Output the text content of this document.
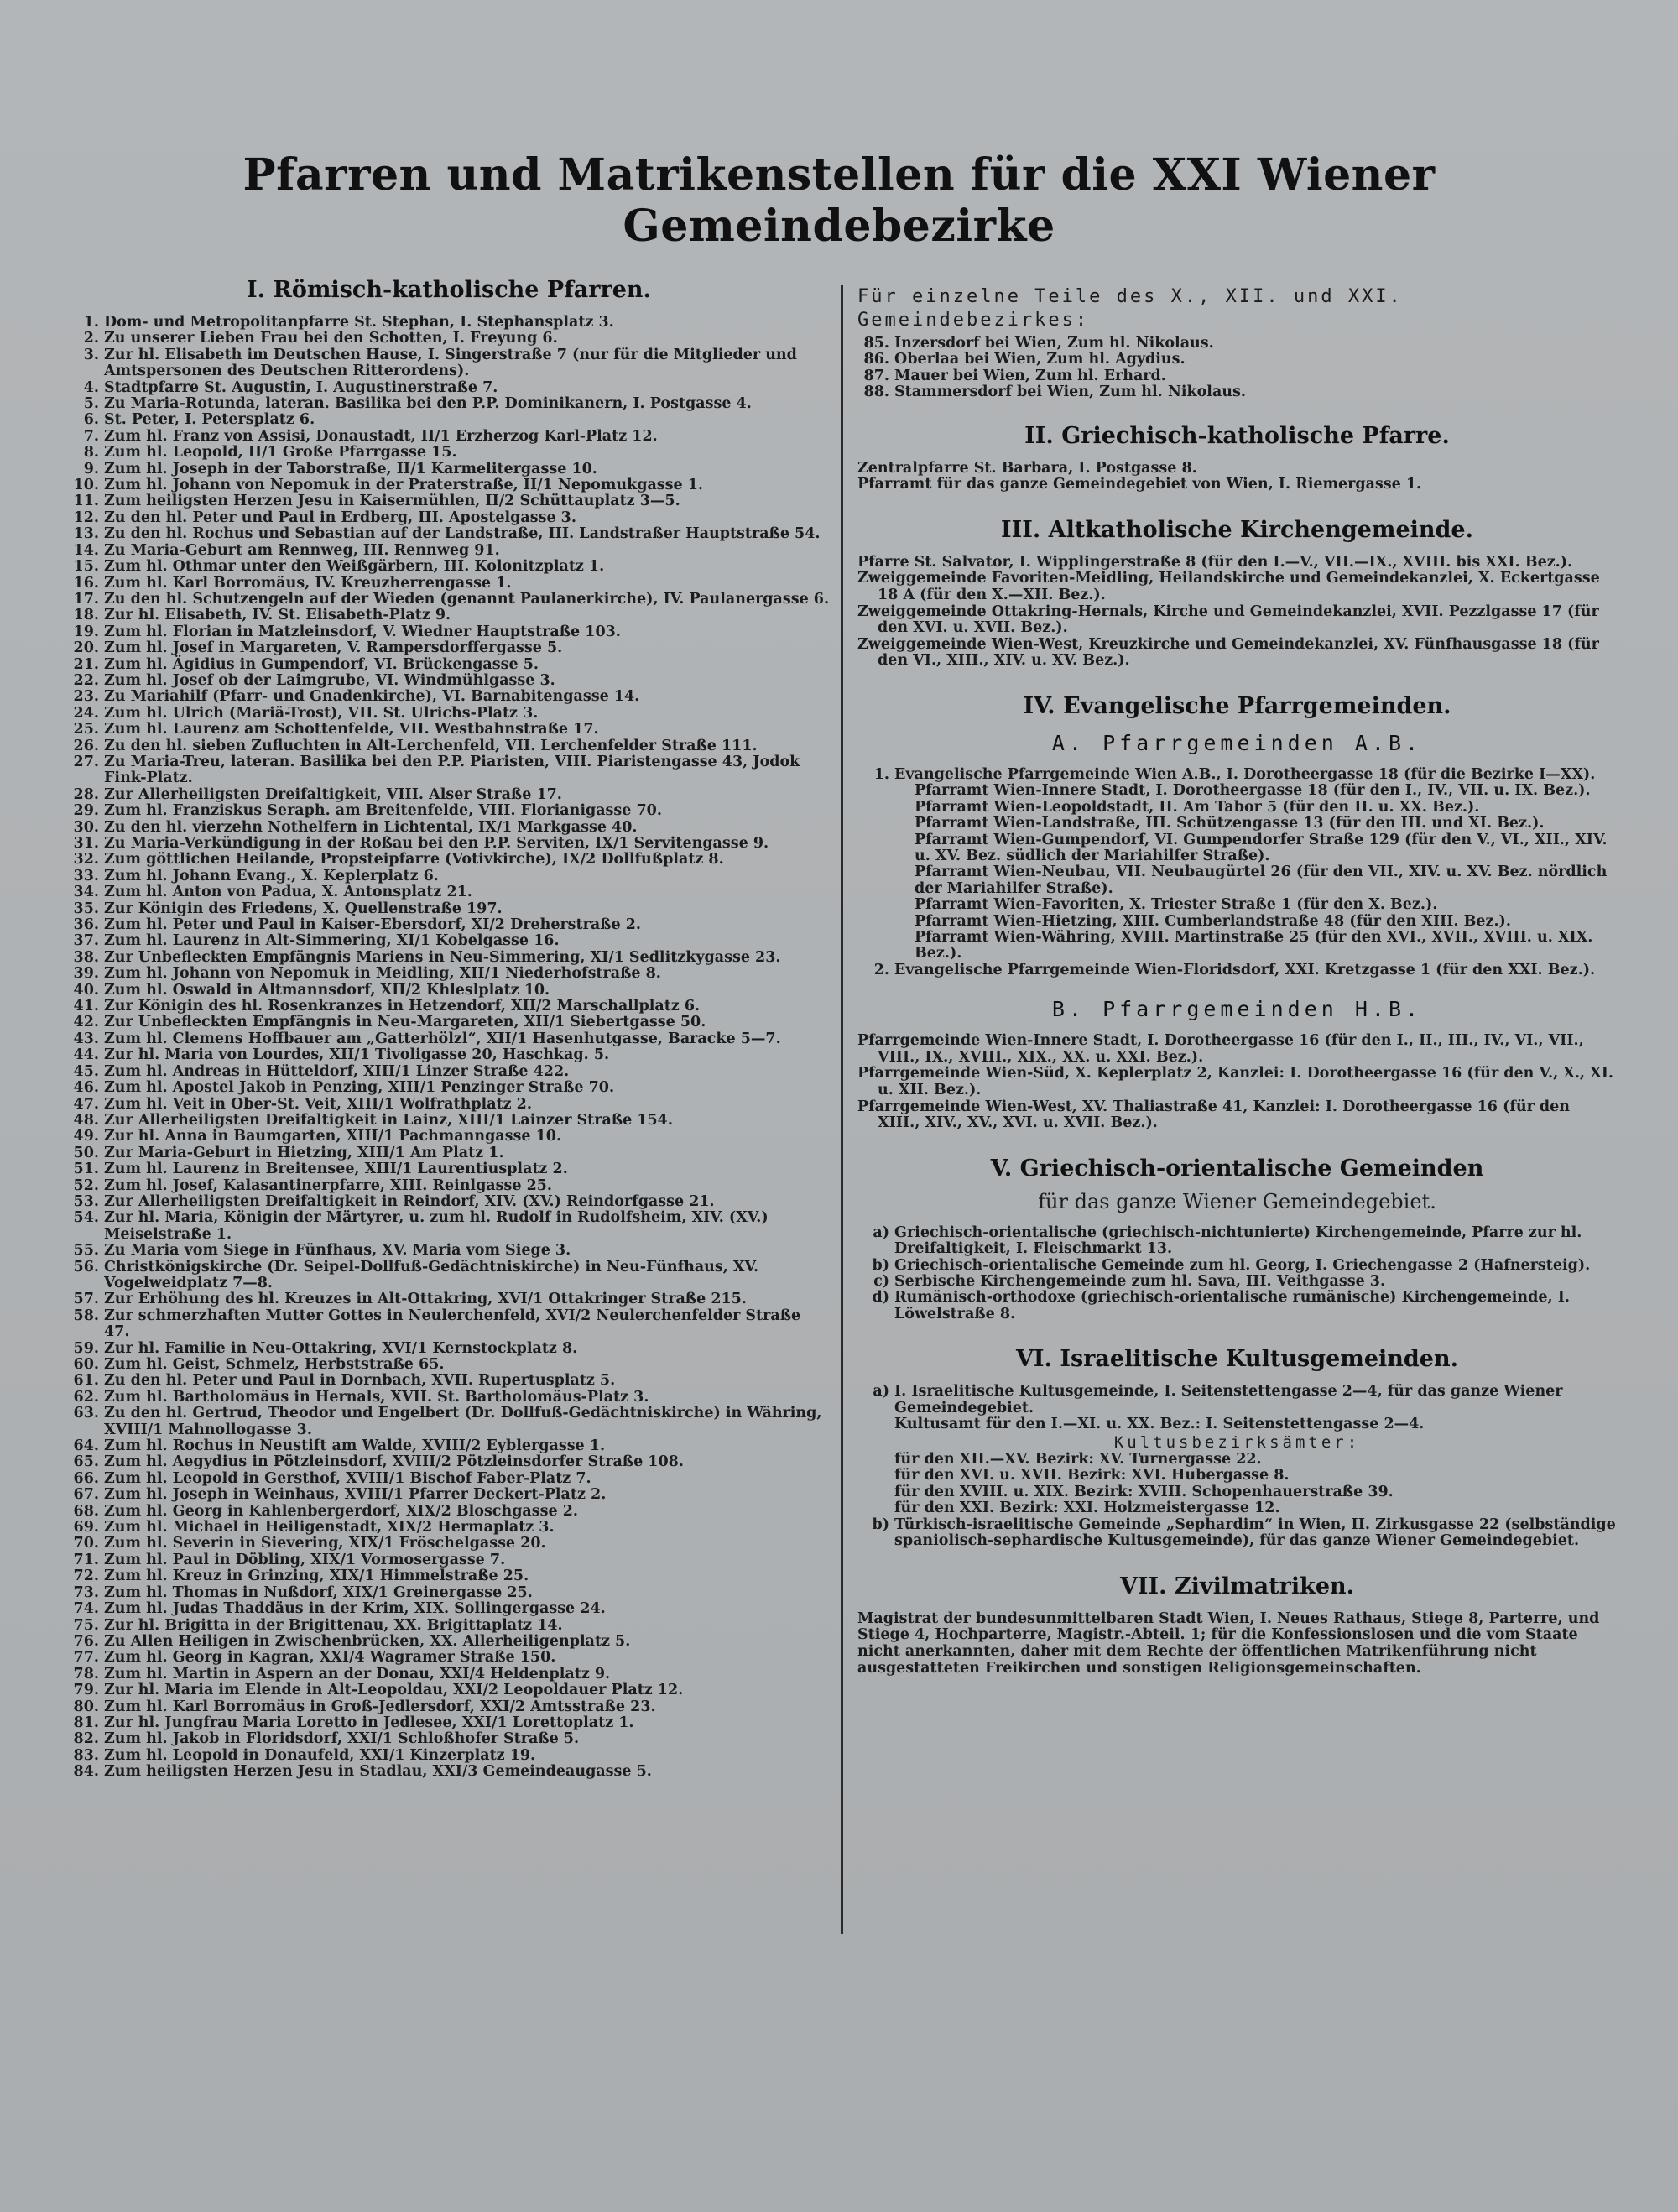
Pfarren und Matrikenstellen für die XXI Wiener Gemeindebezirke
I. Römisch-katholische Pfarren.
1. Dom- und Metropolitanpfarre St. Stephan, I. Stephansplatz 3.
2. Zu unserer Lieben Frau bei den Schotten, I. Freyung 6.
3. Zur hl. Elisabeth im Deutschen Hause, I. Singerstraße 7 (nur für die Mitglieder und Amtspersonen des Deutschen Ritterordens).
4. Stadtpfarre St. Augustin, I. Augustinerstraße 7.
5. Zu Maria-Rotunda, lateran. Basilika bei den P.P. Dominikanern, I. Postgasse 4.
6. St. Peter, I. Petersplatz 6.
7. Zum hl. Franz von Assisi, Donaustadt, II/1 Erzherzog Karl-Platz 12.
8. Zum hl. Leopold, II/1 Große Pfarrgasse 15.
9. Zum hl. Joseph in der Taborstraße, II/1 Karmelitergasse 10.
10. Zum hl. Johann von Nepomuk in der Praterstraße, II/1 Nepomukgasse 1.
11. Zum heiligsten Herzen Jesu in Kaisermühlen, II/2 Schüttauplatz 3—5.
12. Zu den hl. Peter und Paul in Erdberg, III. Apostelgasse 3.
13. Zu den hl. Rochus und Sebastian auf der Landstraße, III. Landstraßer Hauptstraße 54.
14. Zu Maria-Geburt am Rennweg, III. Rennweg 91.
15. Zum hl. Othmar unter den Weißgärbern, III. Kolonitzplatz 1.
16. Zum hl. Karl Borromäus, IV. Kreuzherrengasse 1.
17. Zu den hl. Schutzengeln auf der Wieden (genannt Paulanerkirche), IV. Paulanergasse 6.
18. Zur hl. Elisabeth, IV. St. Elisabeth-Platz 9.
19. Zum hl. Florian in Matzleinsdorf, V. Wiedner Hauptstraße 103.
20. Zum hl. Josef in Margareten, V. Rampersdorffergasse 5.
21. Zum hl. Ägidius in Gumpendorf, VI. Brückengasse 5.
22. Zum hl. Josef ob der Laimgrube, VI. Windmühlgasse 3.
23. Zu Mariahilf (Pfarr- und Gnadenkirche), VI. Barnabitengasse 14.
24. Zum hl. Ulrich (Mariä-Trost), VII. St. Ulrichs-Platz 3.
25. Zum hl. Laurenz am Schottenfelde, VII. Westbahnstraße 17.
26. Zu den hl. sieben Zufluchten in Alt-Lerchenfeld, VII. Lerchenfelder Straße 111.
27. Zu Maria-Treu, lateran. Basilika bei den P.P. Piaristen, VIII. Piaristengasse 43, Jodok Fink-Platz.
28. Zur Allerheiligsten Dreifaltigkeit, VIII. Alser Straße 17.
29. Zum hl. Franziskus Seraph. am Breitenfelde, VIII. Florianigasse 70.
30. Zu den hl. vierzehn Nothelfern in Lichtental, IX/1 Markgasse 40.
31. Zu Maria-Verkündigung in der Roßau bei den P.P. Serviten, IX/1 Servitengasse 9.
32. Zum göttlichen Heilande, Propsteipfarre (Votivkirche), IX/2 Dollfußplatz 8.
33. Zum hl. Johann Evang., X. Keplerplatz 6.
34. Zum hl. Anton von Padua, X. Antonsplatz 21.
35. Zur Königin des Friedens, X. Quellenstraße 197.
36. Zum hl. Peter und Paul in Kaiser-Ebersdorf, XI/2 Dreherstraße 2.
37. Zum hl. Laurenz in Alt-Simmering, XI/1 Kobelgasse 16.
38. Zur Unbefleckten Empfängnis Mariens in Neu-Simmering, XI/1 Sedlitzkygasse 23.
39. Zum hl. Johann von Nepomuk in Meidling, XII/1 Niederhofstraße 8.
40. Zum hl. Oswald in Altmannsdorf, XII/2 Khleslplatz 10.
41. Zur Königin des hl. Rosenkranzes in Hetzendorf, XII/2 Marschallplatz 6.
42. Zur Unbefleckten Empfängnis in Neu-Margareten, XII/1 Siebertgasse 50.
43. Zum hl. Clemens Hoffbauer am „Gatterhölzl“, XII/1 Hasenhutgasse, Baracke 5—7.
44. Zur hl. Maria von Lourdes, XII/1 Tivoligasse 20, Haschkag. 5.
45. Zum hl. Andreas in Hütteldorf, XIII/1 Linzer Straße 422.
46. Zum hl. Apostel Jakob in Penzing, XIII/1 Penzinger Straße 70.
47. Zum hl. Veit in Ober-St. Veit, XIII/1 Wolfrathplatz 2.
48. Zur Allerheiligsten Dreifaltigkeit in Lainz, XIII/1 Lainzer Straße 154.
49. Zur hl. Anna in Baumgarten, XIII/1 Pachmanngasse 10.
50. Zur Maria-Geburt in Hietzing, XIII/1 Am Platz 1.
51. Zum hl. Laurenz in Breitensee, XIII/1 Laurentiusplatz 2.
52. Zum hl. Josef, Kalasantinerpfarre, XIII. Reinlgasse 25.
53. Zur Allerheiligsten Dreifaltigkeit in Reindorf, XIV. (XV.) Reindorfgasse 21.
54. Zur hl. Maria, Königin der Märtyrer, u. zum hl. Rudolf in Rudolfsheim, XIV. (XV.) Meiselstraße 1.
55. Zu Maria vom Siege in Fünfhaus, XV. Maria vom Siege 3.
56. Christkönigskirche (Dr. Seipel-Dollfuß-Gedächtniskirche) in Neu-Fünfhaus, XV. Vogelweidplatz 7—8.
57. Zur Erhöhung des hl. Kreuzes in Alt-Ottakring, XVI/1 Ottakringer Straße 215.
58. Zur schmerzhaften Mutter Gottes in Neulerchenfeld, XVI/2 Neulerchenfelder Straße 47.
59. Zur hl. Familie in Neu-Ottakring, XVI/1 Kernstockplatz 8.
60. Zum hl. Geist, Schmelz, Herbststraße 65.
61. Zu den hl. Peter und Paul in Dornbach, XVII. Rupertusplatz 5.
62. Zum hl. Bartholomäus in Hernals, XVII. St. Bartholomäus-Platz 3.
63. Zu den hl. Gertrud, Theodor und Engelbert (Dr. Dollfuß-Gedächtniskirche) in Währing, XVIII/1 Mahnollogasse 3.
64. Zum hl. Rochus in Neustift am Walde, XVIII/2 Eyblergasse 1.
65. Zum hl. Aegydius in Pötzleinsdorf, XVIII/2 Pötzleinsdorfer Straße 108.
66. Zum hl. Leopold in Gersthof, XVIII/1 Bischof Faber-Platz 7.
67. Zum hl. Joseph in Weinhaus, XVIII/1 Pfarrer Deckert-Platz 2.
68. Zum hl. Georg in Kahlenbergerdorf, XIX/2 Bloschgasse 2.
69. Zum hl. Michael in Heiligenstadt, XIX/2 Hermaplatz 3.
70. Zum hl. Severin in Sievering, XIX/1 Fröschelgasse 20.
71. Zum hl. Paul in Döbling, XIX/1 Vormosergasse 7.
72. Zum hl. Kreuz in Grinzing, XIX/1 Himmelstraße 25.
73. Zum hl. Thomas in Nußdorf, XIX/1 Greinergasse 25.
74. Zum hl. Judas Thaddäus in der Krim, XIX. Sollingergasse 24.
75. Zur hl. Brigitta in der Brigittenau, XX. Brigittaplatz 14.
76. Zu Allen Heiligen in Zwischenbrücken, XX. Allerheiligenplatz 5.
77. Zum hl. Georg in Kagran, XXI/4 Wagramer Straße 150.
78. Zum hl. Martin in Aspern an der Donau, XXI/4 Heldenplatz 9.
79. Zur hl. Maria im Elende in Alt-Leopoldau, XXI/2 Leopoldauer Platz 12.
80. Zum hl. Karl Borromäus in Groß-Jedlersdorf, XXI/2 Amtsstraße 23.
81. Zur hl. Jungfrau Maria Loretto in Jedlesee, XXI/1 Lorettoplatz 1.
82. Zum hl. Jakob in Floridsdorf, XXI/1 Schloßhofer Straße 5.
83. Zum hl. Leopold in Donaufeld, XXI/1 Kinzerplatz 19.
84. Zum heiligsten Herzen Jesu in Stadlau, XXI/3 Gemeindeaugasse 5.
Für einzelne Teile des X., XII. und XXI. Gemeindebezirkes:
85. Inzersdorf bei Wien, Zum hl. Nikolaus.
86. Oberlaa bei Wien, Zum hl. Agydius.
87. Mauer bei Wien, Zum hl. Erhard.
88. Stammersdorf bei Wien, Zum hl. Nikolaus.
II. Griechisch-katholische Pfarre.
Zentralpfarre St. Barbara, I. Postgasse 8.
Pfarramt für das ganze Gemeindegebiet von Wien, I. Riemergasse 1.
III. Altkatholische Kirchengemeinde.
Pfarre St. Salvator, I. Wipplingerstraße 8 (für den I.—V., VII.—IX., XVIII. bis XXI. Bez.).
Zweiggemeinde Favoriten-Meidling, Heilandskirche und Gemeindekanzlei, X. Eckertgasse 18 A (für den X.—XII. Bez.).
Zweiggemeinde Ottakring-Hernals, Kirche und Gemeindekanzlei, XVII. Pezzlgasse 17 (für den XVI. u. XVII. Bez.).
Zweiggemeinde Wien-West, Kreuzkirche und Gemeindekanzlei, XV. Fünfhausgasse 18 (für den VI., XIII., XIV. u. XV. Bez.).
IV. Evangelische Pfarrgemeinden.
A. Pfarrgemeinden A.B.
1. Evangelische Pfarrgemeinde Wien A.B., I. Dorotheergasse 18 (für die Bezirke I—XX).
Pfarramt Wien-Innere Stadt, I. Dorotheergasse 18 (für den I., IV., VII. u. IX. Bez.).
Pfarramt Wien-Leopoldstadt, II. Am Tabor 5 (für den II. u. XX. Bez.).
Pfarramt Wien-Landstraße, III. Schützengasse 13 (für den III. und XI. Bez.).
Pfarramt Wien-Gumpendorf, VI. Gumpendorfer Straße 129 (für den V., VI., XII., XIV. u. XV. Bez. südlich der Mariahilfer Straße).
Pfarramt Wien-Neubau, VII. Neubaugürtel 26 (für den VII., XIV. u. XV. Bez. nördlich der Mariahilfer Straße).
Pfarramt Wien-Favoriten, X. Triester Straße 1 (für den X. Bez.).
Pfarramt Wien-Hietzing, XIII. Cumberlandstraße 48 (für den XIII. Bez.).
Pfarramt Wien-Währing, XVIII. Martinstraße 25 (für den XVI., XVII., XVIII. u. XIX. Bez.).
2. Evangelische Pfarrgemeinde Wien-Floridsdorf, XXI. Kretzgasse 1 (für den XXI. Bez.).
B. Pfarrgemeinden H.B.
Pfarrgemeinde Wien-Innere Stadt, I. Dorotheergasse 16 (für den I., II., III., IV., VI., VII., VIII., IX., XVIII., XIX., XX. u. XXI. Bez.).
Pfarrgemeinde Wien-Süd, X. Keplerplatz 2, Kanzlei: I. Dorotheergasse 16 (für den V., X., XI. u. XII. Bez.).
Pfarrgemeinde Wien-West, XV. Thaliastraße 41, Kanzlei: I. Dorotheergasse 16 (für den XIII., XIV., XV., XVI. u. XVII. Bez.).
V. Griechisch-orientalische Gemeinden
für das ganze Wiener Gemeindegebiet.
a) Griechisch-orientalische (griechisch-nichtunierte) Kirchengemeinde, Pfarre zur hl. Dreifaltigkeit, I. Fleischmarkt 13.
b) Griechisch-orientalische Gemeinde zum hl. Georg, I. Griechengasse 2 (Hafnersteig).
c) Serbische Kirchengemeinde zum hl. Sava, III. Veithgasse 3.
d) Rumänisch-orthodoxe (griechisch-orientalische rumänische) Kirchengemeinde, I. Löwelstraße 8.
VI. Israelitische Kultusgemeinden.
a) I. Israelitische Kultusgemeinde, I. Seitenstettengasse 2—4, für das ganze Wiener Gemeindegebiet.
Kultusamt für den I.—XI. u. XX. Bez.: I. Seitenstettengasse 2—4.
Kultusbezirksämter:
für den XII.—XV. Bezirk: XV. Turnergasse 22.
für den XVI. u. XVII. Bezirk: XVI. Hubergasse 8.
für den XVIII. u. XIX. Bezirk: XVIII. Schopenhauerstraße 39.
für den XXI. Bezirk: XXI. Holzmeistergasse 12.
b) Türkisch-israelitische Gemeinde „Sephardim“ in Wien, II. Zirkusgasse 22 (selbständige spaniolisch-sephardische Kultusgemeinde), für das ganze Wiener Gemeindegebiet.
VII. Zivilmatriken.
Magistrat der bundesunmittelbaren Stadt Wien, I. Neues Rathaus, Stiege 8, Parterre, und Stiege 4, Hochparterre, Magistr.-Abteil. 1; für die Konfessionslosen und die vom Staate nicht anerkannten, daher mit dem Rechte der öffentlichen Matrikenführung nicht ausgestatteten Freikirchen und sonstigen Religionsgemeinschaften.
